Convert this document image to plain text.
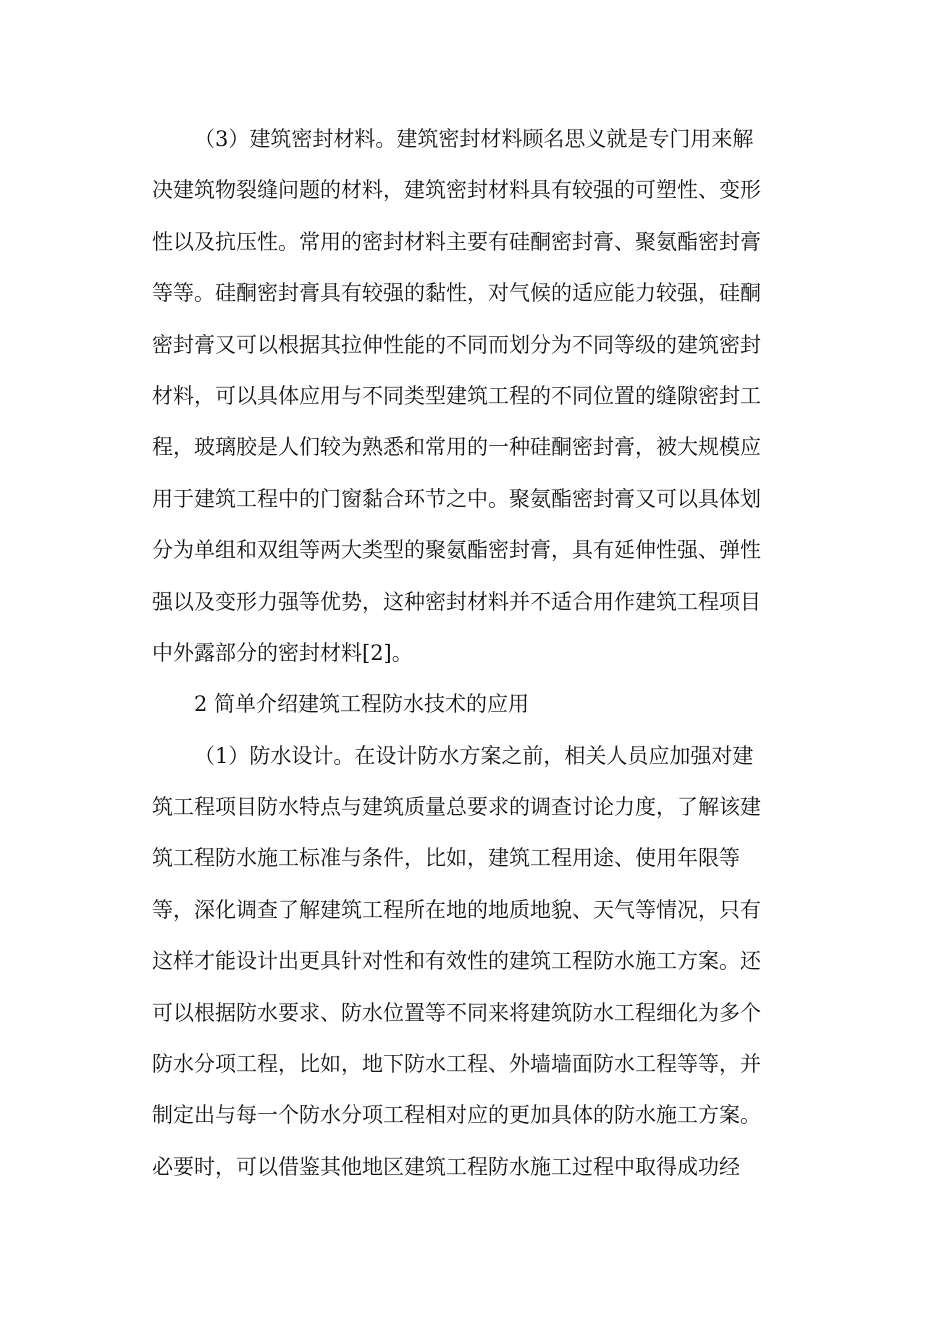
（3）建筑密封材料。建筑密封材料顾名思义就是专门用来解
决建筑物裂缝问题的材料，建筑密封材料具有较强的可塑性、变形
性以及抗压性。常用的密封材料主要有硅酮密封膏、聚氨酯密封膏
等等。硅酮密封膏具有较强的黏性，对气候的适应能力较强，硅酮
密封膏又可以根据其拉伸性能的不同而划分为不同等级的建筑密封
材料，可以具体应用与不同类型建筑工程的不同位置的缝隙密封工
程，玻璃胶是人们较为熟悉和常用的一种硅酮密封膏，被大规模应
用于建筑工程中的门窗黏合环节之中。聚氨酯密封膏又可以具体划
分为单组和双组等两大类型的聚氨酯密封膏，具有延伸性强、弹性
强以及变形力强等优势，这种密封材料并不适合用作建筑工程项目
中外露部分的密封材料[2]。
2 简单介绍建筑工程防水技术的应用
（1）防水设计。在设计防水方案之前，相关人员应加强对建
筑工程项目防水特点与建筑质量总要求的调查讨论力度，了解该建
筑工程防水施工标准与条件，比如，建筑工程用途、使用年限等
等，深化调查了解建筑工程所在地的地质地貌、天气等情况，只有
这样才能设计出更具针对性和有效性的建筑工程防水施工方案。还
可以根据防水要求、防水位置等不同来将建筑防水工程细化为多个
防水分项工程，比如，地下防水工程、外墙墙面防水工程等等，并
制定出与每一个防水分项工程相对应的更加具体的防水施工方案。
必要时，可以借鉴其他地区建筑工程防水施工过程中取得成功经
